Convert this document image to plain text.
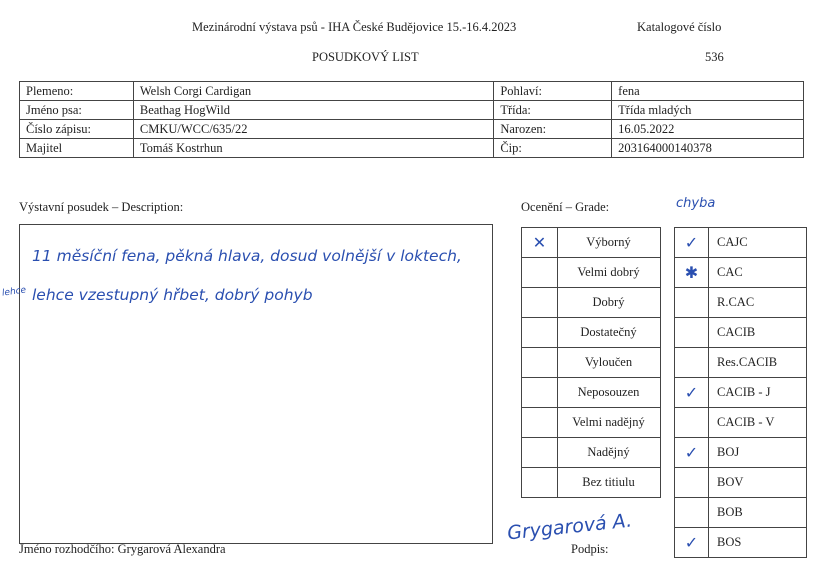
Mezinárodní výstava psů - IHA České Budějovice 15.-16.4.2023	Katalogové číslo
POSUDKOVÝ LIST	536
Plemeno:	Welsh Corgi Cardigan	Pohlaví:	fena
Jméno psa:	Beathag HogWild	Třída:	Třída mladých
Číslo zápisu:	CMKU/WCC/635/22	Narozen:	16.05.2022
Majitel	Tomáš Kostrhun	Čip:	203164000140378
Výstavní posudek – Description:	Ocenění – Grade:	chyba
11 měsíční fena, pěkná hlava, dosud volnější v loktech,
lehce lehce vzestupný hřbet, dobrý pohyb
✕	Výborný
	Velmi dobrý
	Dobrý
	Dostatečný
	Vyloučen
	Neposouzen
	Velmi nadějný
	Nadějný
	Bez titiulu
✓	CAJC
✱	CAC
	R.CAC
	CACIB
	Res.CACIB
✓	CACIB - J
	CACIB - V
✓	BOJ
	BOV
	BOB
✓	BOS
Jméno rozhodčího: Grygarová Alexandra
Grygarová A.
Podpis:
